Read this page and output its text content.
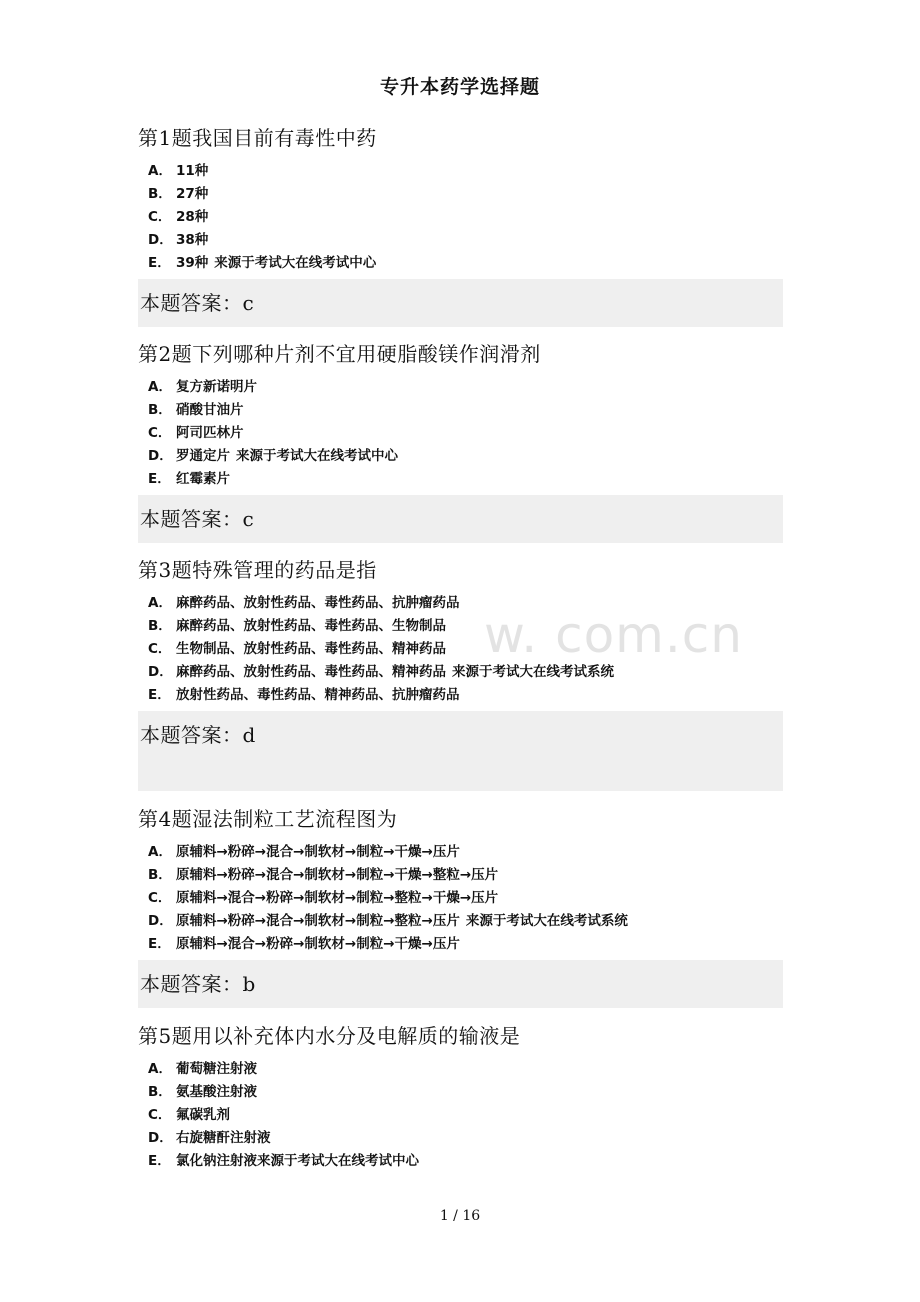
专升本药学选择题
w. com.cn
第1题我国目前有毒性中药
A． 11种
B． 27种
C． 28种
D． 38种
E． 39种 来源于考试大在线考试中心
本题答案：c
第2题下列哪种片剂不宜用硬脂酸镁作润滑剂
A． 复方新诺明片
B． 硝酸甘油片
C． 阿司匹林片
D． 罗通定片 来源于考试大在线考试中心
E． 红霉素片
本题答案：c
第3题特殊管理的药品是指
A． 麻醉药品、放射性药品、毒性药品、抗肿瘤药品
B． 麻醉药品、放射性药品、毒性药品、生物制品
C． 生物制品、放射性药品、毒性药品、精神药品
D． 麻醉药品、放射性药品、毒性药品、精神药品 来源于考试大在线考试系统
E． 放射性药品、毒性药品、精神药品、抗肿瘤药品
本题答案：d
第4题湿法制粒工艺流程图为
A． 原辅料→粉碎→混合→制软材→制粒→干燥→压片
B． 原辅料→粉碎→混合→制软材→制粒→干燥→整粒→压片
C． 原辅料→混合→粉碎→制软材→制粒→整粒→干燥→压片
D． 原辅料→粉碎→混合→制软材→制粒→整粒→压片 来源于考试大在线考试系统
E． 原辅料→混合→粉碎→制软材→制粒→干燥→压片
本题答案：b
第5题用以补充体内水分及电解质的输液是
A． 葡萄糖注射液
B． 氨基酸注射液
C． 氟碳乳剂
D． 右旋糖酐注射液
E． 氯化钠注射液来源于考试大在线考试中心
1 / 16
